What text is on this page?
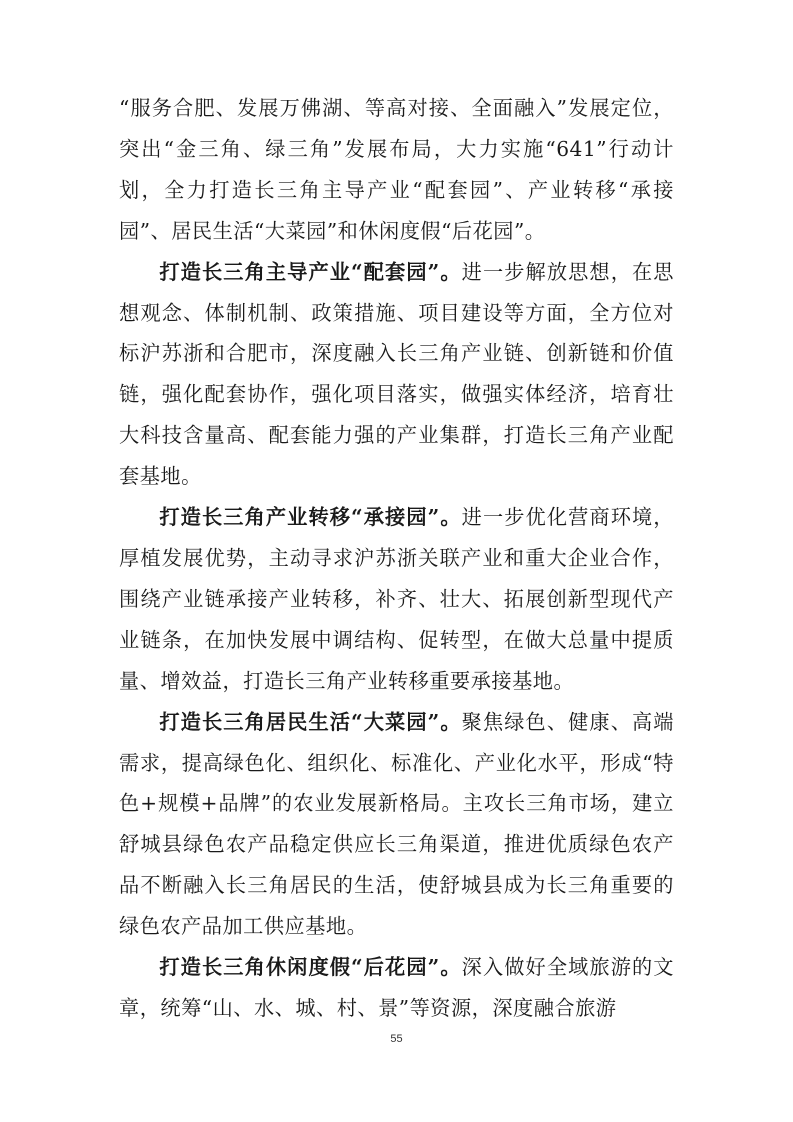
“服务合肥、发展万佛湖、等高对接、全面融入”发展定位，突出“金三角、绿三角”发展布局，大力实施“641”行动计划，全力打造长三角主导产业“配套园”、产业转移“承接园”、居民生活“大菜园”和休闲度假“后花园”。

打造长三角主导产业“配套园”。进一步解放思想，在思想观念、体制机制、政策措施、项目建设等方面，全方位对标沪苏浙和合肥市，深度融入长三角产业链、创新链和价值链，强化配套协作，强化项目落实，做强实体经济，培育壮大科技含量高、配套能力强的产业集群，打造长三角产业配套基地。

打造长三角产业转移“承接园”。进一步优化营商环境，厚植发展优势，主动寻求沪苏浙关联产业和重大企业合作，围绕产业链承接产业转移，补齐、壮大、拓展创新型现代产业链条，在加快发展中调结构、促转型，在做大总量中提质量、增效益，打造长三角产业转移重要承接基地。

打造长三角居民生活“大菜园”。聚焦绿色、健康、高端需求，提高绿色化、组织化、标准化、产业化水平，形成“特色+规模+品牌”的农业发展新格局。主攻长三角市场，建立舒城县绿色农产品稳定供应长三角渠道，推进优质绿色农产品不断融入长三角居民的生活，使舒城县成为长三角重要的绿色农产品加工供应基地。

打造长三角休闲度假“后花园”。深入做好全域旅游的文章，统筹“山、水、城、村、景”等资源，深度融合旅游

55
